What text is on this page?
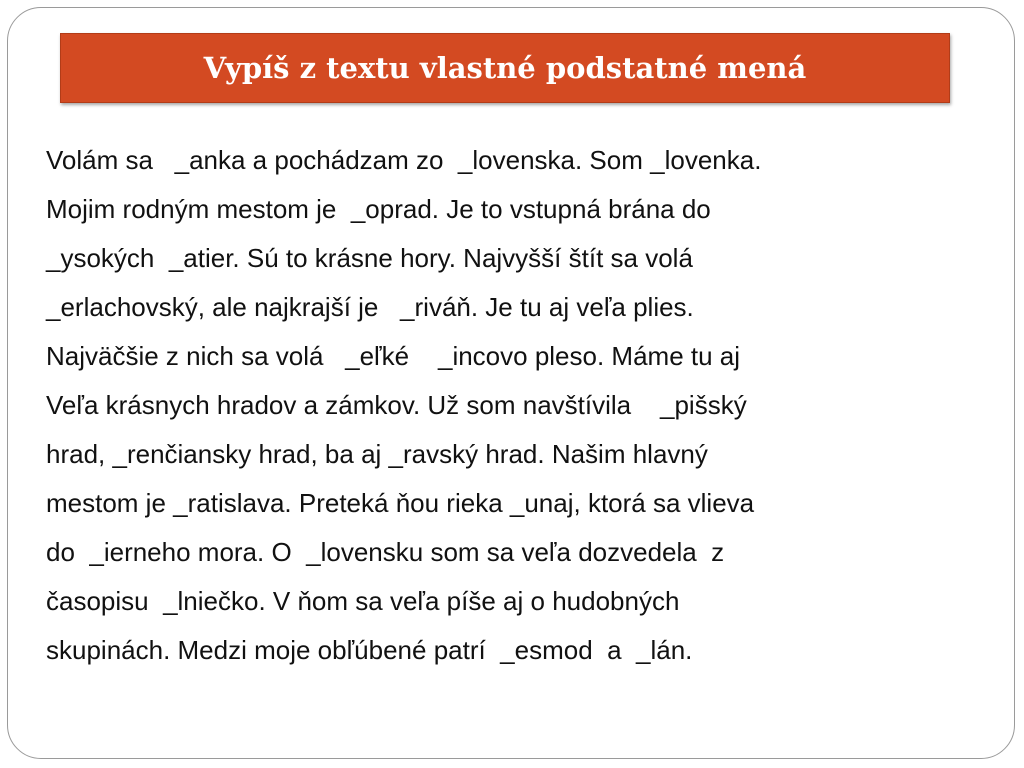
Vypíš z textu vlastné podstatné mená
Volám sa   _anka a pochádzam zo  _lovenska. Som _lovenka.
Mojim rodným mestom je  _oprad. Je to vstupná brána do
_ysokých  _atier. Sú to krásne hory. Najvyšší štít sa volá
_erlachovský, ale najkrajší je   _riváň. Je tu aj veľa plies.
Najväčšie z nich sa volá   _eľké    _incovo pleso. Máme tu aj
Veľa krásnych hradov a zámkov. Už som navštívila    _pišský
hrad, _renčiansky hrad, ba aj _ravský hrad. Našim hlavný
mestom je _ratislava. Preteká ňou rieka _unaj, ktorá sa vlieva
do  _ierneho mora. O  _lovensku som sa veľa dozvedela  z
časopisu  _lniečko. V ňom sa veľa píše aj o hudobných
skupinách. Medzi moje obľúbené patrí  _esmod  a  _lán.
